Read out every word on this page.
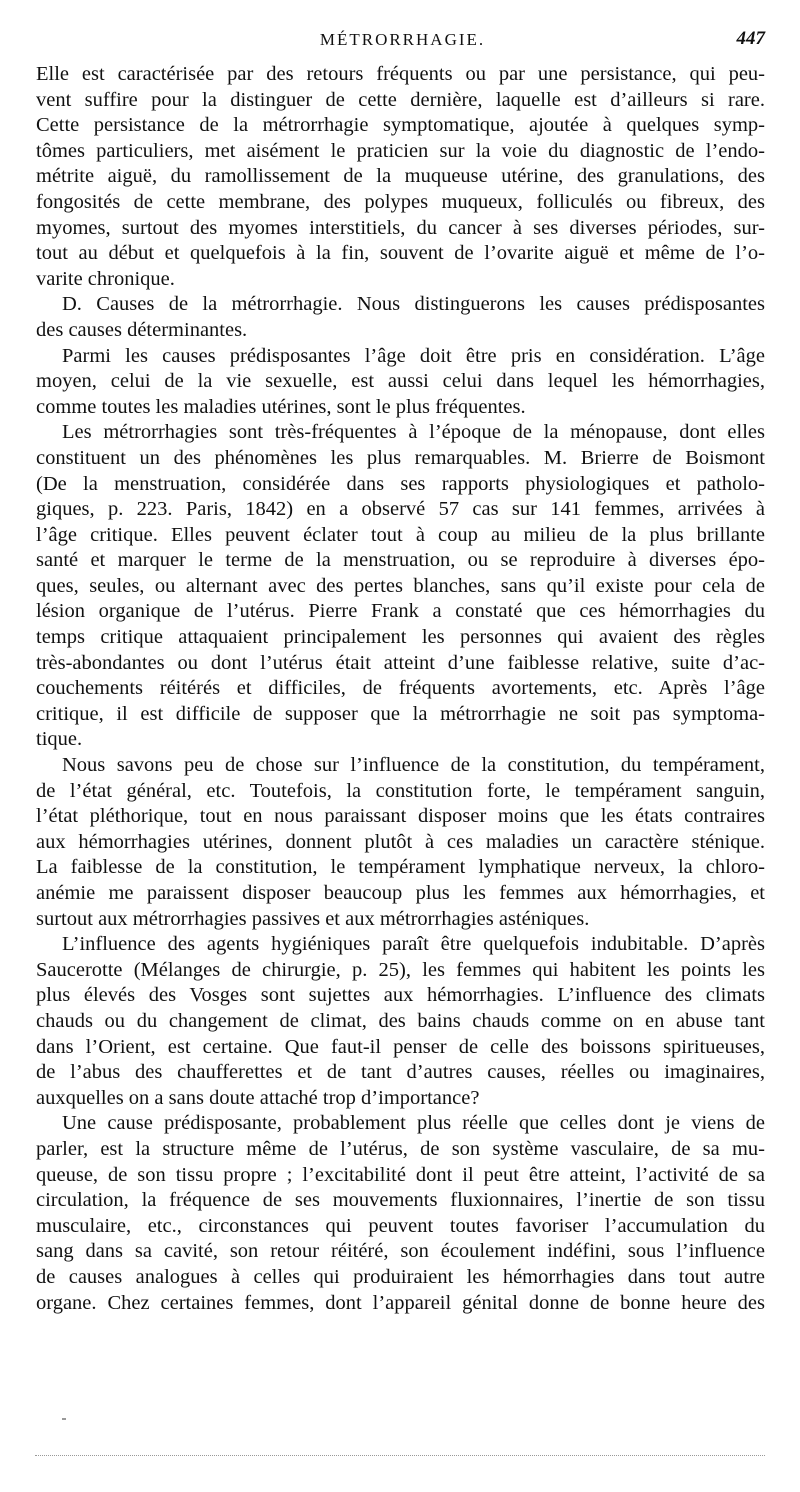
MÉTRORRHAGIE.	447
Elle est caractérisée par des retours fréquents ou par une persistance, qui peu-
vent suffire pour la distinguer de cette dernière, laquelle est d’ailleurs si rare.
Cette persistance de la métrorrhagie symptomatique, ajoutée à quelques symp-
tômes particuliers, met aisément le praticien sur la voie du diagnostic de l’endo-
métrite aiguë, du ramollissement de la muqueuse utérine, des granulations, des
fongosités de cette membrane, des polypes muqueux, folliculés ou fibreux, des
myomes, surtout des myomes interstitiels, du cancer à ses diverses périodes, sur-
tout au début et quelquefois à la fin, souvent de l’ovarite aiguë et même de l’o-
varite chronique.
D. Causes de la métrorrhagie. Nous distinguerons les causes prédisposantes
des causes déterminantes.
Parmi les causes prédisposantes l’âge doit être pris en considération. L’âge
moyen, celui de la vie sexuelle, est aussi celui dans lequel les hémorrhagies,
comme toutes les maladies utérines, sont le plus fréquentes.
Les métrorrhagies sont très-fréquentes à l’époque de la ménopause, dont elles
constituent un des phénomènes les plus remarquables. M. Brierre de Boismont
(De la menstruation, considérée dans ses rapports physiologiques et patholo-
giques, p. 223. Paris, 1842) en a observé 57 cas sur 141 femmes, arrivées à
l’âge critique. Elles peuvent éclater tout à coup au milieu de la plus brillante
santé et marquer le terme de la menstruation, ou se reproduire à diverses épo-
ques, seules, ou alternant avec des pertes blanches, sans qu’il existe pour cela de
lésion organique de l’utérus. Pierre Frank a constaté que ces hémorrhagies du
temps critique attaquaient principalement les personnes qui avaient des règles
très-abondantes ou dont l’utérus était atteint d’une faiblesse relative, suite d’ac-
couchements réitérés et difficiles, de fréquents avortements, etc. Après l’âge
critique, il est difficile de supposer que la métrorrhagie ne soit pas symptoma-
tique.
Nous savons peu de chose sur l’influence de la constitution, du tempérament,
de l’état général, etc. Toutefois, la constitution forte, le tempérament sanguin,
l’état pléthorique, tout en nous paraissant disposer moins que les états contraires
aux hémorrhagies utérines, donnent plutôt à ces maladies un caractère sténique.
La faiblesse de la constitution, le tempérament lymphatique nerveux, la chloro-
anémie me paraissent disposer beaucoup plus les femmes aux hémorrhagies, et
surtout aux métrorrhagies passives et aux métrorrhagies asténiques.
L’influence des agents hygiéniques paraît être quelquefois indubitable. D’après
Saucerotte (Mélanges de chirurgie, p. 25), les femmes qui habitent les points les
plus élevés des Vosges sont sujettes aux hémorrhagies. L’influence des climats
chauds ou du changement de climat, des bains chauds comme on en abuse tant
dans l’Orient, est certaine. Que faut-il penser de celle des boissons spiritueuses,
de l’abus des chaufferettes et de tant d’autres causes, réelles ou imaginaires,
auxquelles on a sans doute attaché trop d’importance?
Une cause prédisposante, probablement plus réelle que celles dont je viens de
parler, est la structure même de l’utérus, de son système vasculaire, de sa mu-
queuse, de son tissu propre ; l’excitabilité dont il peut être atteint, l’activité de sa
circulation, la fréquence de ses mouvements fluxionnaires, l’inertie de son tissu
musculaire, etc., circonstances qui peuvent toutes favoriser l’accumulation du
sang dans sa cavité, son retour réitéré, son écoulement indéfini, sous l’influence
de causes analogues à celles qui produiraient les hémorrhagies dans tout autre
organe. Chez certaines femmes, dont l’appareil génital donne de bonne heure des
